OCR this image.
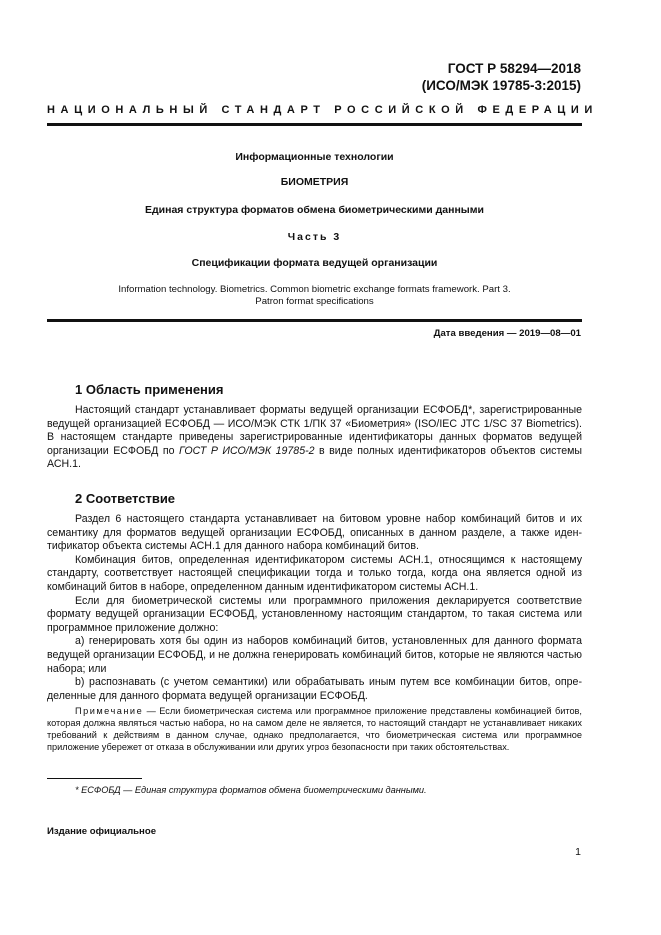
ГОСТ Р 58294—2018
(ИСО/МЭК 19785-3:2015)
НАЦИОНАЛЬНЫЙ СТАНДАРТ РОССИЙСКОЙ ФЕДЕРАЦИИ
Информационные технологии
БИОМЕТРИЯ
Единая структура форматов обмена биометрическими данными
Часть 3
Спецификации формата ведущей организации
Information technology. Biometrics. Common biometric exchange formats framework. Part 3.
Patron format specifications
Дата введения — 2019—08—01
1 Область применения

Настоящий стандарт устанавливает форматы ведущей организации ЕСФОБД*, зарегистрированные ведущей организацией ЕСФОБД — ИСО/МЭК СТК 1/ПК 37 «Биометрия» (ISO/IEC JTC 1/SC 37 Biometrics). В настоящем стандарте приведены зарегистрированные идентификаторы данных форматов ведущей организации ЕСФОБД по ГОСТ Р ИСО/МЭК 19785-2 в виде полных идентификаторов объектов системы АСН.1.

2 Соответствие

Раздел 6 настоящего стандарта устанавливает на битовом уровне набор комбинаций битов и их семантику для форматов ведущей организации ЕСФОБД, описанных в данном разделе, а также идентификатор объекта системы АСН.1 для данного набора комбинаций битов.

Комбинация битов, определенная идентификатором системы АСН.1, относящимся к настоящему стандарту, соответствует настоящей спецификации тогда и только тогда, когда она является одной из комбинаций битов в наборе, определенном данным идентификатором системы АСН.1.

Если для биометрической системы или программного приложения декларируется соответствие формату ведущей организации ЕСФОБД, установленному настоящим стандартом, то такая система или программное приложение должно:

а) генерировать хотя бы один из наборов комбинаций битов, установленных для данного формата ведущей организации ЕСФОБД, и не должна генерировать комбинаций битов, которые не являются частью набора; или

b) распознавать (с учетом семантики) или обрабатывать иным путем все комбинации битов, определенные для данного формата ведущей организации ЕСФОБД.

Примечание — Если биометрическая система или программное приложение представлены комбинацией битов, которая должна являться частью набора, но на самом деле не является, то настоящий стандарт не устанавливает никаких требований к действиям в данном случае, однако предполагается, что биометрическая система или программное приложение убережет от отказа в обслуживании или других угроз безопасности при таких обстоятельствах.

* ЕСФОБД — Единая структура форматов обмена биометрическими данными.
Издание официальное
1
